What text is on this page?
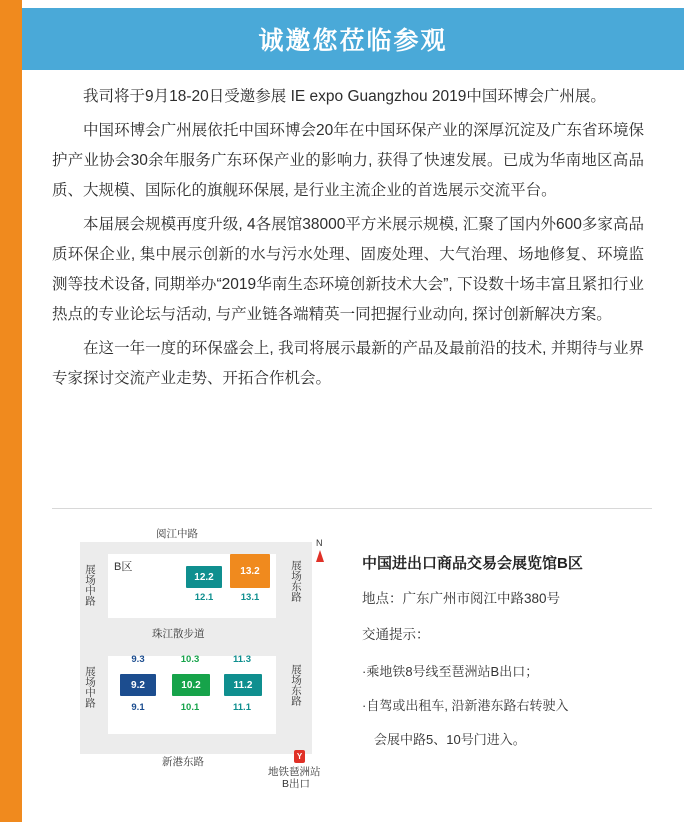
诚邀您莅临参观

我司将于9月18-20日受邀参展 IE expo Guangzhou 2019中国环博会广州展。

中国环博会广州展依托中国环博会20年在中国环保产业的深厚沉淀及广东省环境保护产业协会30余年服务广东环保产业的影响力, 获得了快速发展。已成为华南地区高品质、大规模、国际化的旗舰环保展, 是行业主流企业的首选展示交流平台。

本届展会规模再度升级, 4各展馆38000平方米展示规模, 汇聚了国内外600多家高品质环保企业, 集中展示创新的水与污水处理、固废处理、大气治理、场地修复、环境监测等技术设备, 同期举办“2019华南生态环境创新技术大会”, 下设数十场丰富且紧扣行业热点的专业论坛与活动, 与产业链各端精英一同把握行业动向, 探讨创新解决方案。

在这一年一度的环保盛会上, 我司将展示最新的产品及最前沿的技术, 并期待与业界专家探讨交流产业走势、开拓合作机会。

阅江中路
N
B区
展场中路
展场中路
展场东路
展场东路
珠江散步道
12.2
13.2
12.1	13.1
9.3	10.3	11.3
9.2	10.2	11.2
9.1	10.1	11.1
新港东路	Y
地铁琶洲站
B出口
中国进出口商品交易会展览馆B区

地点：广东广州市阅江中路380号

交通提示：

·乘地铁8号线至琶洲站B出口；

·自驾或出租车, 沿新港东路右转驶入

会展中路5、10号门进入。
